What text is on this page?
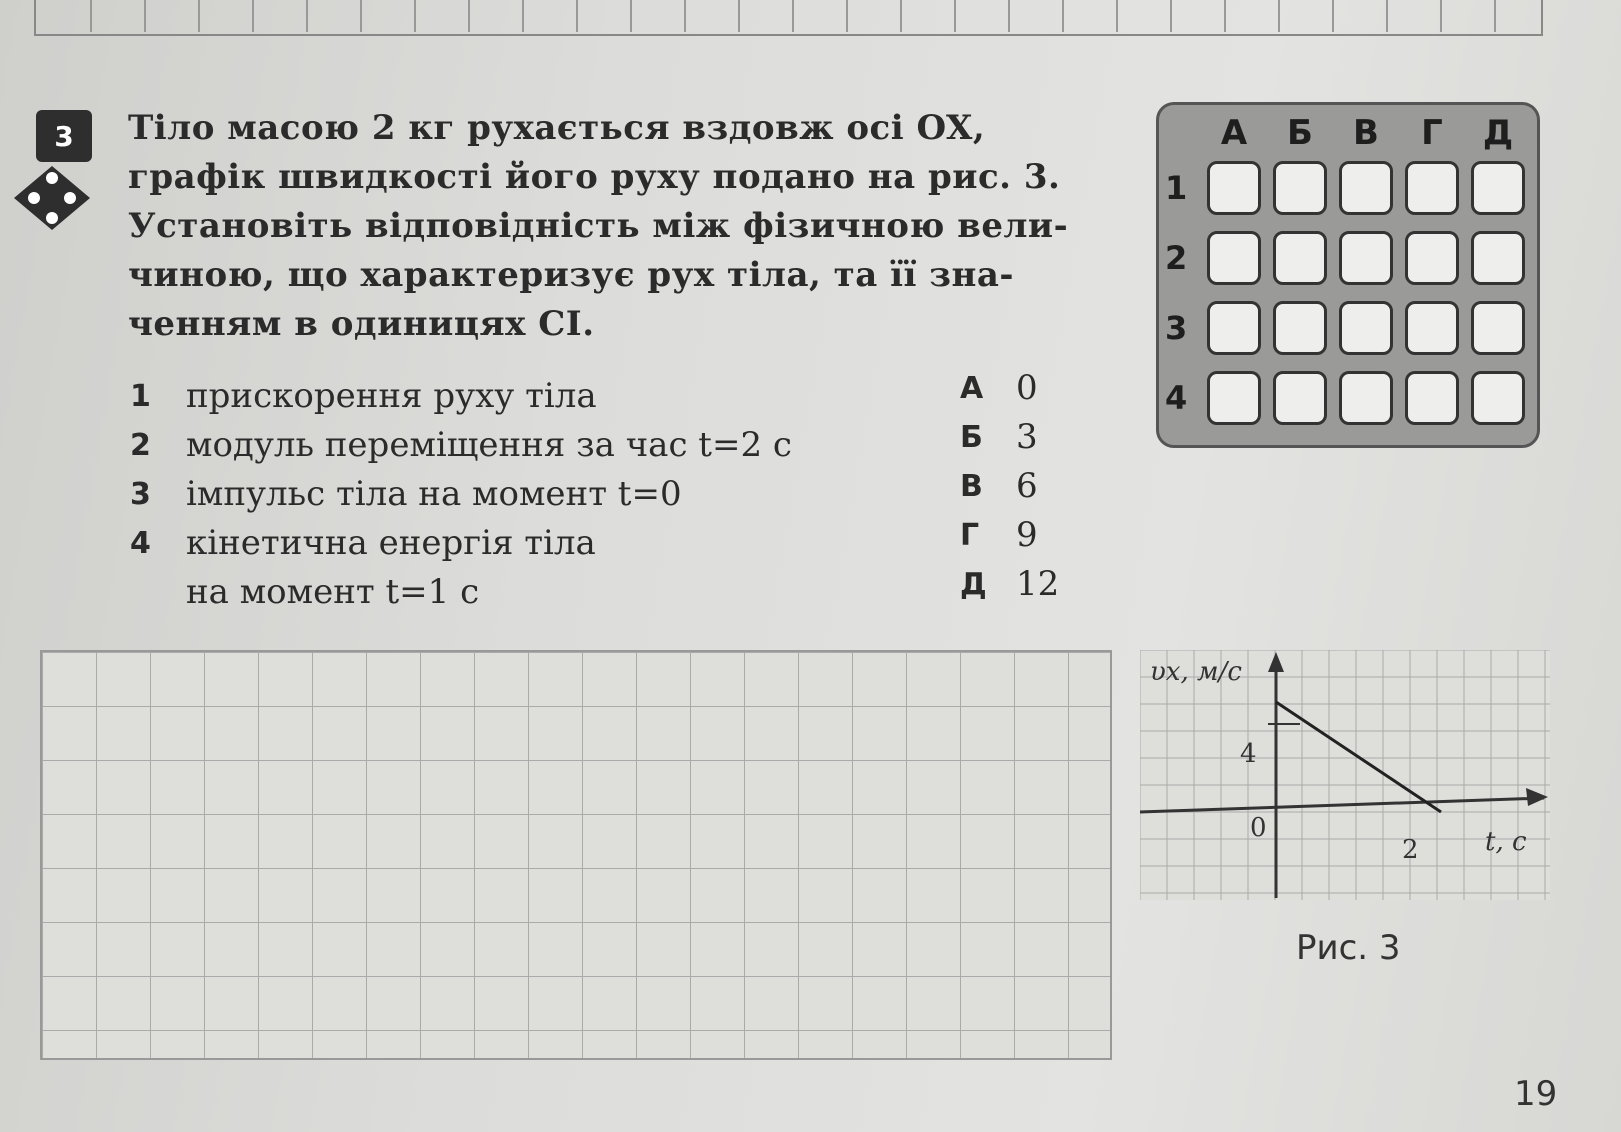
3 Тіло масою 2 кг рухається вздовж осі OX,
графік швидкості його руху подано на рис. 3.
Установіть відповідність між фізичною вели-
чиною, що характеризує рух тіла, та її зна-
ченням в одиницях СІ.
1	прискорення руху тіла
2	модуль переміщення за час t=2 с
3	імпульс тіла на момент t=0
4	кінетична енергія тіла
на момент t=1 с
А 0
Б 3
В 6
Г	9
Д 12
А	Б	В	Г	Д
1
2
3
4
υx, м/с
t, с
0
4
2
Рис. 3
19
